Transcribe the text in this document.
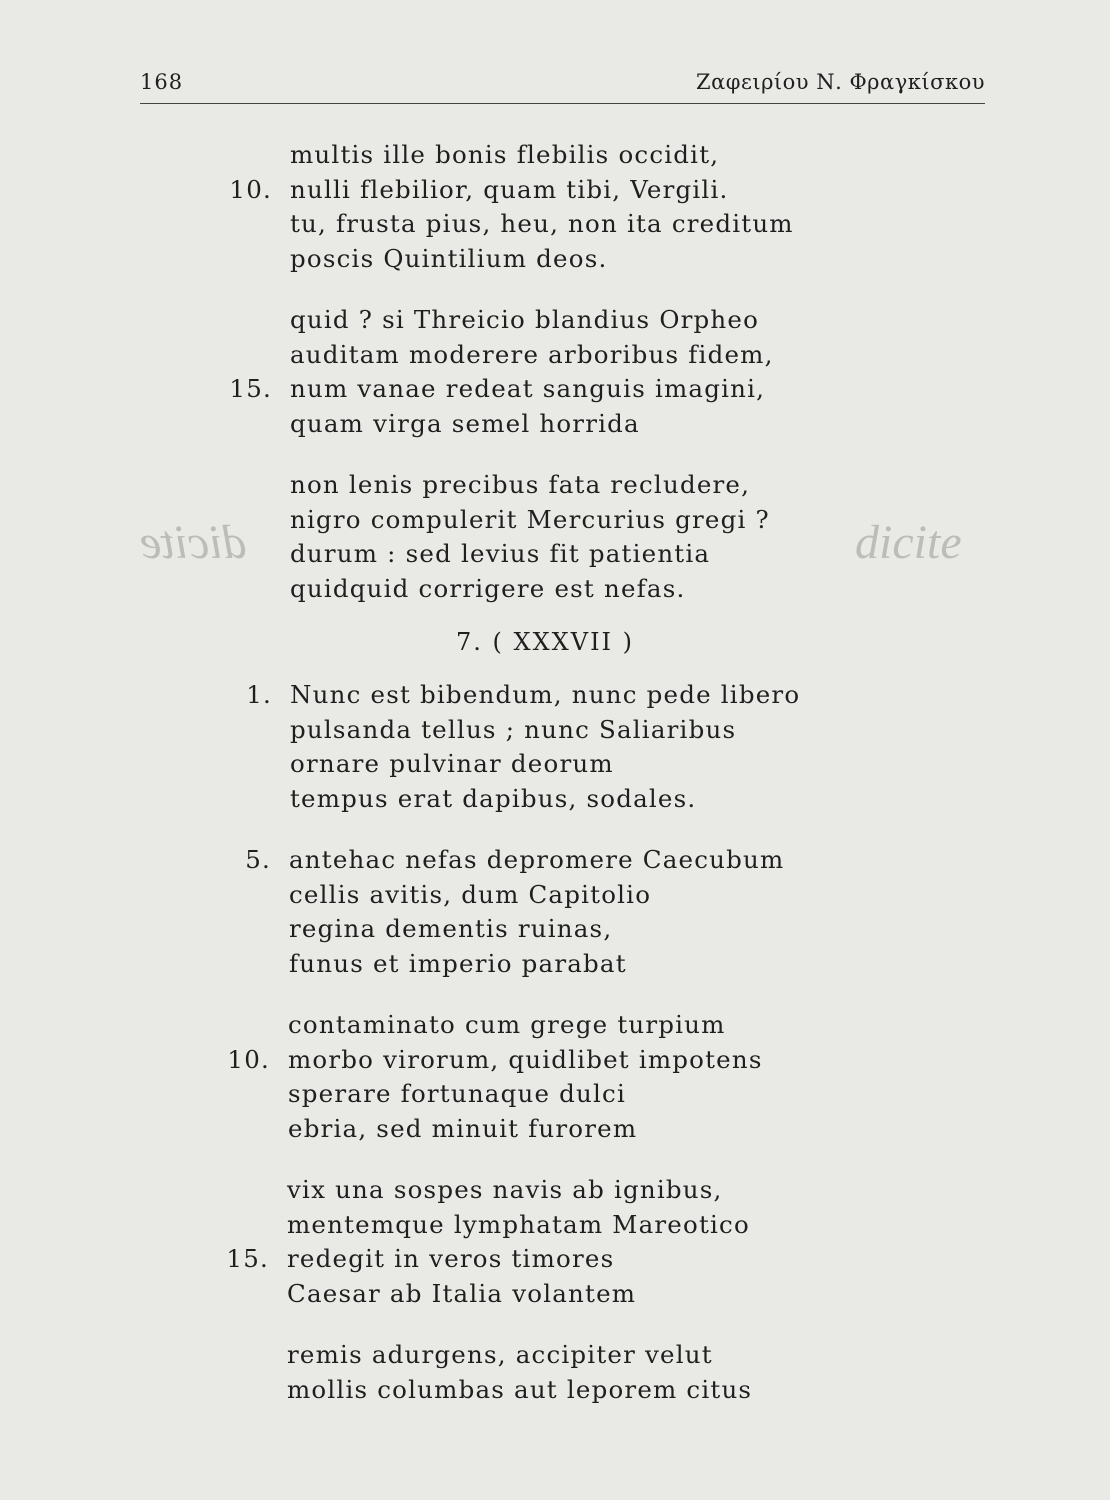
168	Ζαφειρίου Ν. Φραγκίσκου
dicite	dicite
multis ille bonis flebilis occidit,
10. nulli flebilior, quam tibi, Vergili.
tu, frusta pius, heu, non ita creditum
poscis Quintilium deos.
quid ? si Threicio blandius Orpheo
auditam moderere arboribus fidem,
15. num vanae redeat sanguis imagini,
quam virga semel horrida
non lenis precibus fata recludere,
nigro compulerit Mercurius gregi ?
durum : sed levius fit patientia
quidquid corrigere est nefas.
1. Nunc est bibendum, nunc pede libero
pulsanda tellus ; nunc Saliaribus
ornare pulvinar deorum
tempus erat dapibus, sodales.
5. antehac nefas depromere Caecubum
cellis avitis, dum Capitolio
regina dementis ruinas,
funus et imperio parabat
contaminato cum grege turpium
10. morbo virorum, quidlibet impotens
sperare fortunaque dulci
ebria, sed minuit furorem
vix una sospes navis ab ignibus,
mentemque lymphatam Mareotico
15. redegit in veros timores
Caesar ab Italia volantem
remis adurgens, accipiter velut
mollis columbas aut leporem citus
7. ( XXXVII )
